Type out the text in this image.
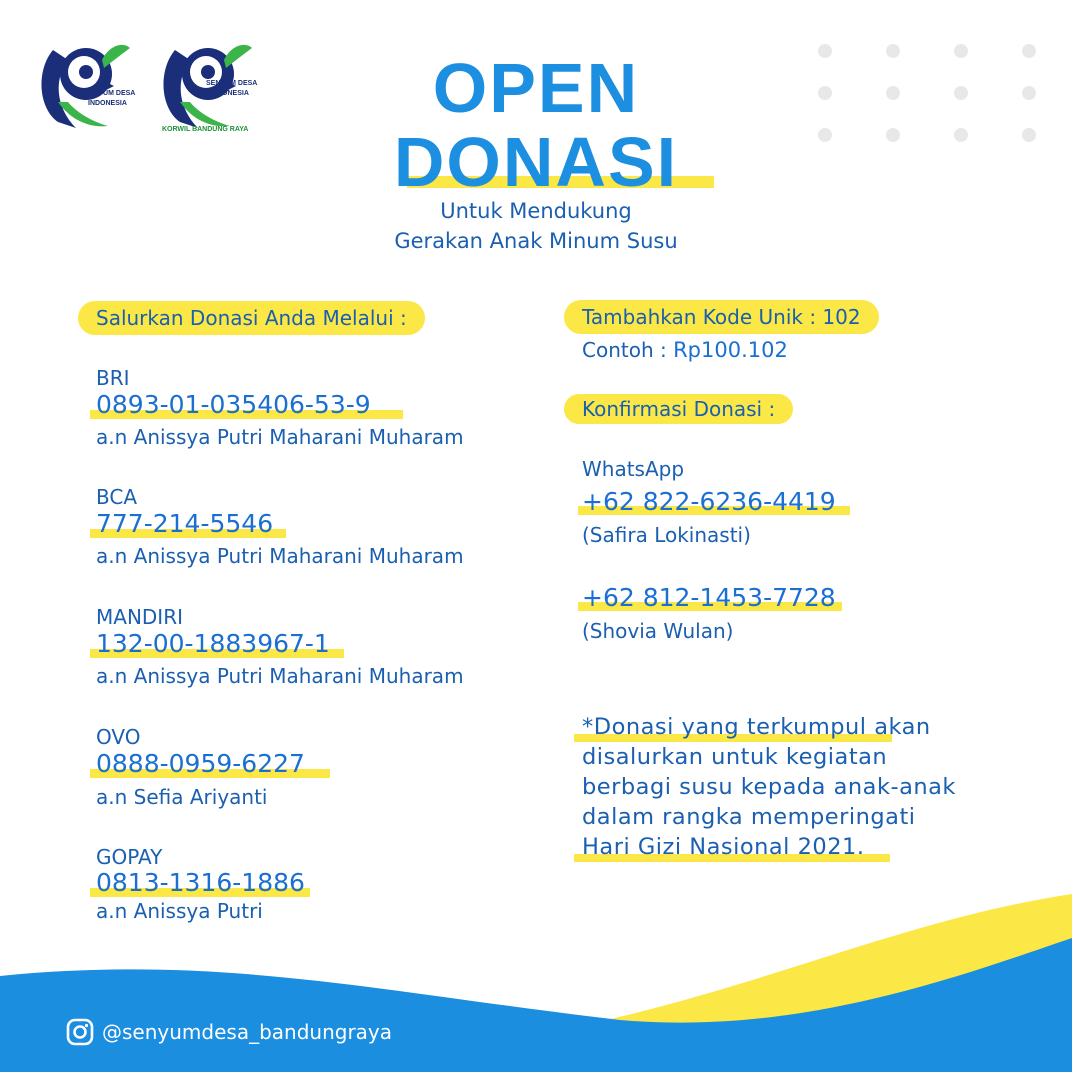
SENYUM DESA
INDONESIA
SENYUM DESA
INDONESIA
KORWIL BANDUNG RAYA
OPEN
DONASI
Untuk Mendukung
Gerakan Anak Minum Susu
Salurkan Donasi Anda Melalui :
BRI
0893-01-035406-53-9
a.n Anissya Putri Maharani Muharam
BCA
777-214-5546
a.n Anissya Putri Maharani Muharam
MANDIRI
132-00-1883967-1
a.n Anissya Putri Maharani Muharam
OVO
0888-0959-6227
a.n Sefia Ariyanti
GOPAY
0813-1316-1886
a.n Anissya Putri
Tambahkan Kode Unik : 102
Contoh : Rp100.102
Konfirmasi Donasi :
WhatsApp
+62 822-6236-4419
(Safira Lokinasti)
+62 812-1453-7728
(Shovia Wulan)
*Donasi yang terkumpul akan
disalurkan untuk kegiatan
berbagi susu kepada anak-anak
dalam rangka memperingati
Hari Gizi Nasional 2021.
@senyumdesa_bandungraya
